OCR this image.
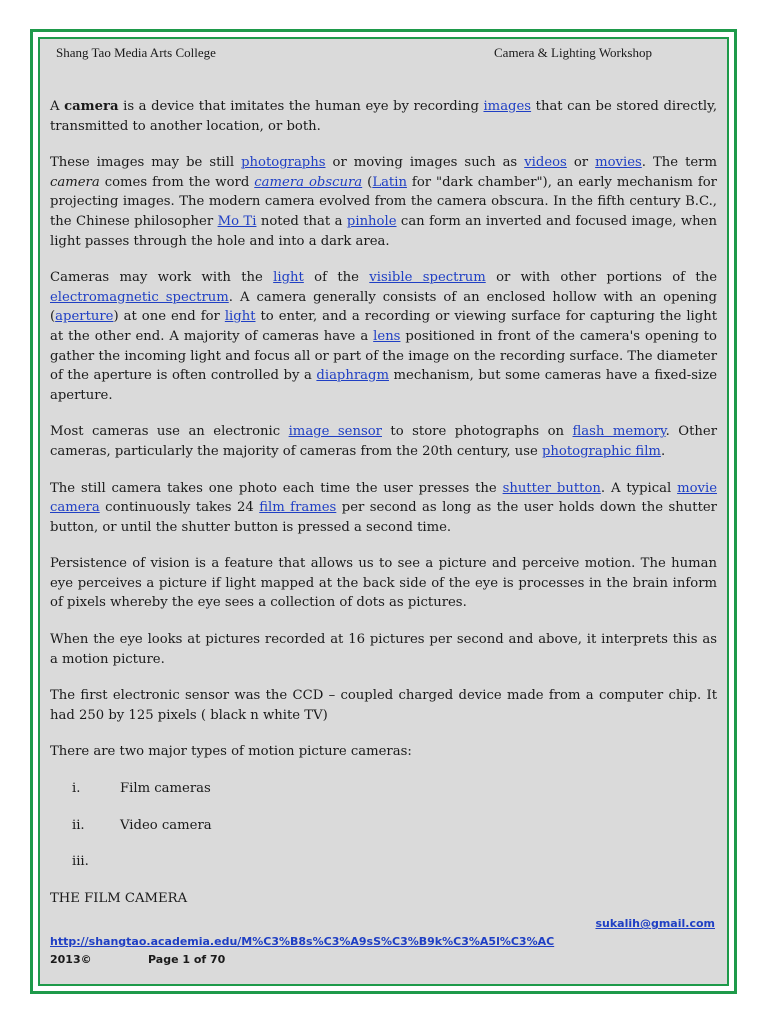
Shang Tao Media Arts College	Camera & Lighting Workshop

A camera is a device that imitates the human eye by recording images that can be stored directly, transmitted to another location, or both.

These images may be still photographs or moving images such as videos or movies. The term camera comes from the word camera obscura (Latin for "dark chamber"), an early mechanism for projecting images. The modern camera evolved from the camera obscura. In the fifth century B.C., the Chinese philosopher Mo Ti noted that a pinhole can form an inverted and focused image, when light passes through the hole and into a dark area.

Cameras may work with the light of the visible spectrum or with other portions of the electromagnetic spectrum. A camera generally consists of an enclosed hollow with an opening (aperture) at one end for light to enter, and a recording or viewing surface for capturing the light at the other end. A majority of cameras have a lens positioned in front of the camera's opening to gather the incoming light and focus all or part of the image on the recording surface. The diameter of the aperture is often controlled by a diaphragm mechanism, but some cameras have a fixed-size aperture.

Most cameras use an electronic image sensor to store photographs on flash memory. Other cameras, particularly the majority of cameras from the 20th century, use photographic film.

The still camera takes one photo each time the user presses the shutter button. A typical movie camera continuously takes 24 film frames per second as long as the user holds down the shutter button, or until the shutter button is pressed a second time.

Persistence of vision is a feature that allows us to see a picture and perceive motion. The human eye perceives a picture if light mapped at the back side of the eye is processes in the brain inform of pixels whereby the eye sees a collection of dots as pictures.

When the eye looks at pictures recorded at 16 pictures per second and above, it interprets this as a motion picture.

The first electronic sensor was the CCD – coupled charged device made from a computer chip. It had 250 by 125 pixels ( black n white TV)

There are two major types of motion picture cameras:

i.	Film cameras
ii.	Video camera
iii.

THE FILM CAMERA

sukalih@gmail.com
http://shangtao.academia.edu/M%C3%B8s%C3%A9sS%C3%B9k%C3%A5l%C3%AC
2013©	Page 1 of 70
